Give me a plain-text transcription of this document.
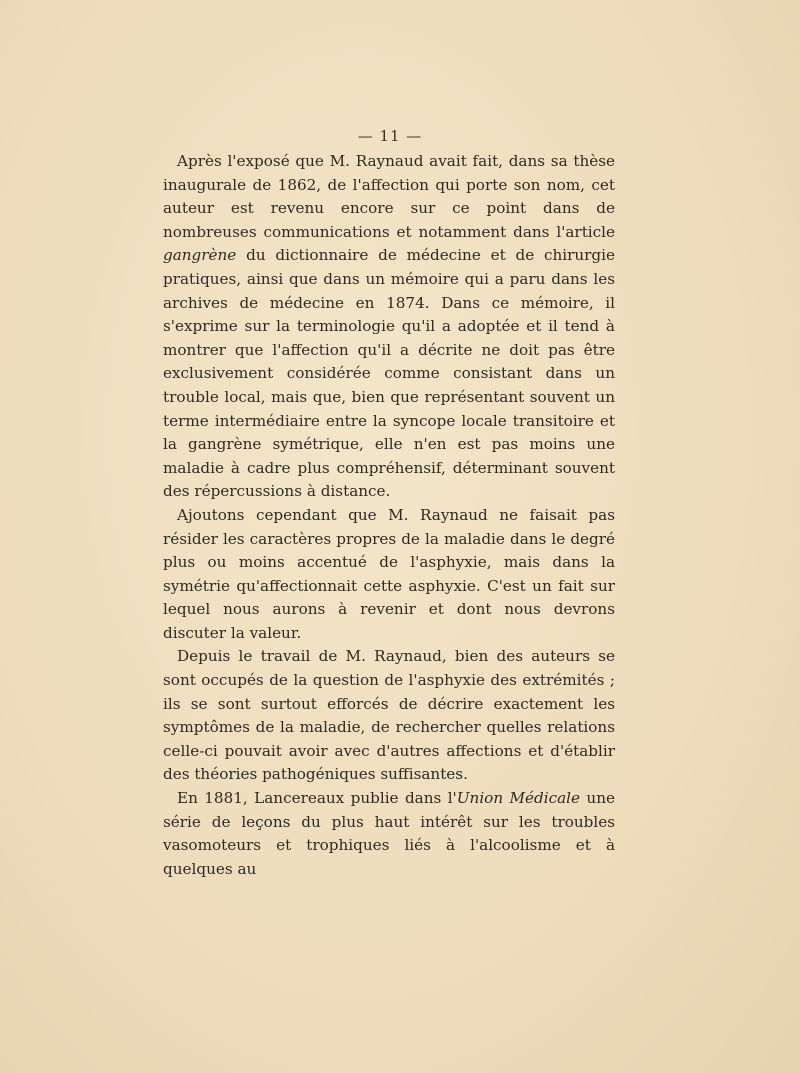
— 11 —

Après l'exposé que M. Raynaud avait fait, dans sa thèse inaugurale de 1862, de l'affection qui porte son nom, cet auteur est revenu encore sur ce point dans de nombreuses communications et notamment dans l'article gangrène du dictionnaire de médecine et de chirurgie pratiques, ainsi que dans un mémoire qui a paru dans les archives de médecine en 1874. Dans ce mémoire, il s'exprime sur la terminologie qu'il a adoptée et il tend à montrer que l'affection qu'il a décrite ne doit pas être exclusivement considérée comme consistant dans un trouble local, mais que, bien que représentant souvent un terme intermédiaire entre la syncope locale transitoire et la gangrène symétrique, elle n'en est pas moins une maladie à cadre plus compréhensif, déterminant souvent des répercussions à distance.

Ajoutons cependant que M. Raynaud ne faisait pas résider les caractères propres de la maladie dans le degré plus ou moins accentué de l'asphyxie, mais dans la symétrie qu'affectionnait cette asphyxie. C'est un fait sur lequel nous aurons à revenir et dont nous devrons discuter la valeur.

Depuis le travail de M. Raynaud, bien des auteurs se sont occupés de la question de l'asphyxie des extrémités ; ils se sont surtout efforcés de décrire exactement les symptômes de la maladie, de rechercher quelles relations celle-ci pouvait avoir avec d'autres affections et d'établir des théories pathogéniques suffisantes.

En 1881, Lancereaux publie dans l'Union Médicale une série de leçons du plus haut intérêt sur les troubles vasomoteurs et trophiques liés à l'alcoolisme et à quelques au
